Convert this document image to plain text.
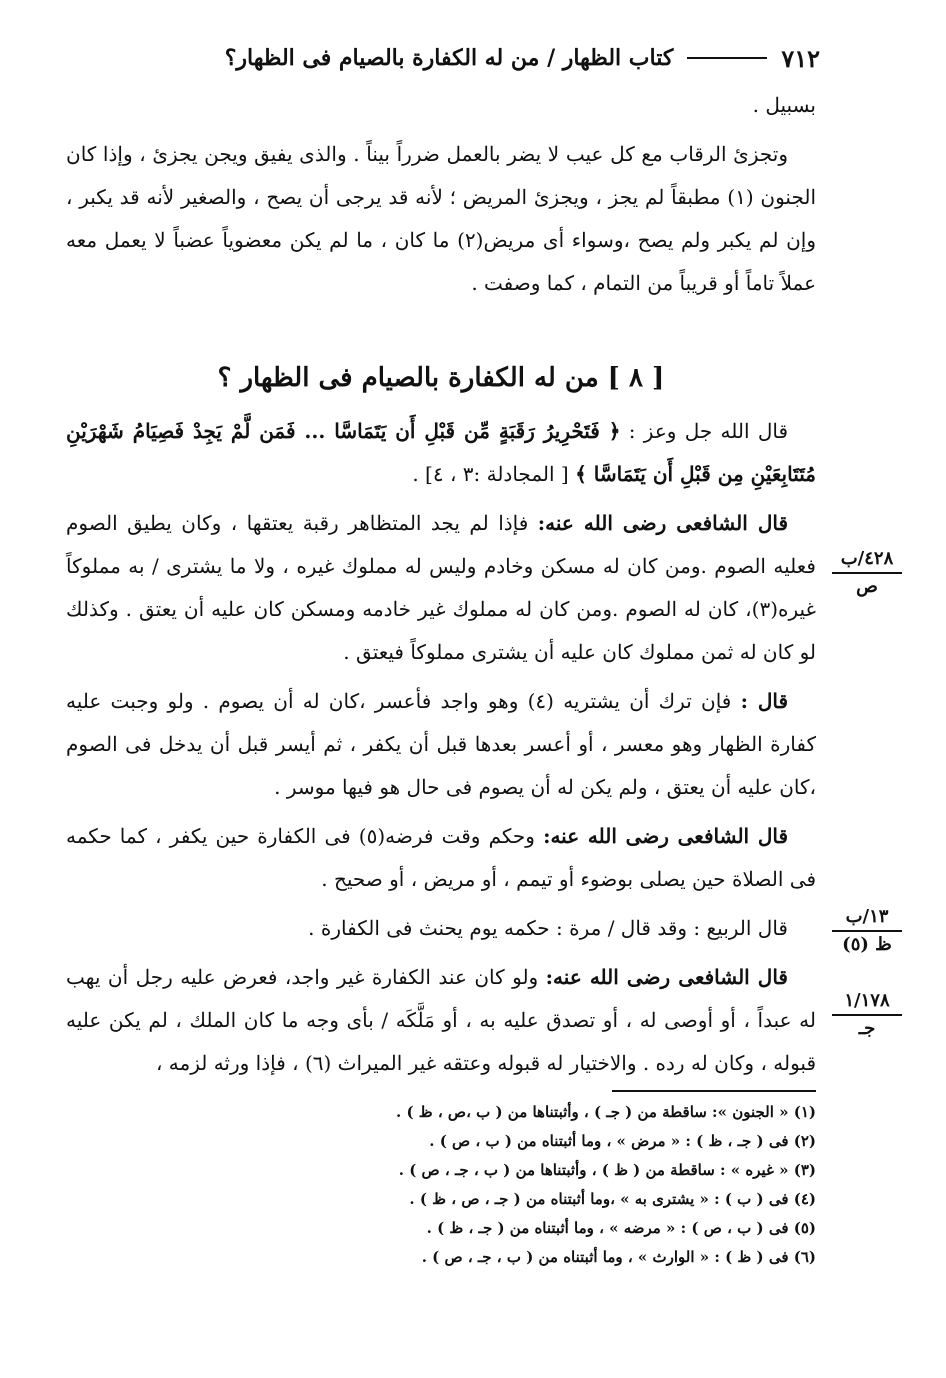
٧١٢
كتاب الظهار / من له الكفارة بالصيام فى الظهار؟

بسبيل .

وتجزئ الرقاب مع كل عيب لا يضر بالعمل ضرراً بيناً . والذى يفيق ويجن يجزئ ، وإذا كان الجنون (١) مطبقاً لم يجز ، ويجزئ المريض ؛ لأنه قد يرجى أن يصح ، والصغير لأنه قد يكبر ، وإن لم يكبر ولم يصح ،وسواء أى مريض(٢) ما كان ، ما لم يكن معضوياً عضباً لا يعمل معه عملاً تاماً أو قريباً من التمام ، كما وصفت .

[ ٨ ] من له الكفارة بالصيام فى الظهار ؟

قال الله جل وعز : ﴿ فَتَحْرِيرُ رَقَبَةٍ مِّن قَبْلِ أَن يَتَمَاسَّا ... فَمَن لَّمْ يَجِدْ فَصِيَامُ شَهْرَيْنِ مُتَتَابِعَيْنِ مِن قَبْلِ أَن يَتَمَاسَّا ﴾ [ المجادلة :٣ ، ٤] .

قال الشافعى رضى الله عنه: فإذا لم يجد المتظاهر رقبة يعتقها ، وكان يطيق الصوم فعليه الصوم .ومن كان له مسكن وخادم وليس له مملوك غيره ، ولا ما يشترى / به مملوكاً غيره(٣)، كان له الصوم .ومن كان له مملوك غير خادمه ومسكن كان عليه أن يعتق . وكذلك لو كان له ثمن مملوك كان عليه أن يشترى مملوكاً فيعتق .

قال : فإن ترك أن يشتريه (٤) وهو واجد فأعسر ،كان له أن يصوم . ولو وجبت عليه كفارة الظهار وهو معسر ، أو أعسر بعدها قبل أن يكفر ، ثم أيسر قبل أن يدخل فى الصوم ،كان عليه أن يعتق ، ولم يكن له أن يصوم فى حال هو فيها موسر .

قال الشافعى رضى الله عنه: وحكم وقت فرضه(٥) فى الكفارة حين يكفر ، كما حكمه فى الصلاة حين يصلى بوضوء أو تيمم ، أو مريض ، أو صحيح .

قال الربيع : وقد قال / مرة : حكمه يوم يحنث فى الكفارة .

قال الشافعى رضى الله عنه: ولو كان عند الكفارة غير واجد، فعرض عليه رجل أن يهب له عبداً ، أو أوصى له ، أو تصدق عليه به ، أو مَلَّكَه / بأى وجه ما كان الملك ، لم يكن عليه قبوله ، وكان له رده . والاختيار له قبوله وعتقه غير الميراث (٦) ، فإذا ورثه لزمه ،

٤٢٨/ب
ص
١٣/ب
ظ (٥)
١/١٧٨
جـ
(١) « الجنون »: ساقطة من ( جـ ) ، وأثبتناها من ( ب ،ص ، ظ ) .
(٢) فى ( جـ ، ظ ) : « مرض » ، وما أثبتناه من ( ب ، ص ) .
(٣) « غيره » : ساقطة من ( ظ ) ، وأثبتناها من ( ب ، جـ ، ص ) .
(٤) فى ( ب ) : « يشترى به » ،وما أثبتناه من ( جـ ، ص ، ظ ) .
(٥) فى ( ب ، ص ) : « مرضه » ، وما أثبتناه من ( جـ ، ظ ) .
(٦) فى ( ظ ) : « الوارث » ، وما أثبتناه من ( ب ، جـ ، ص ) .
